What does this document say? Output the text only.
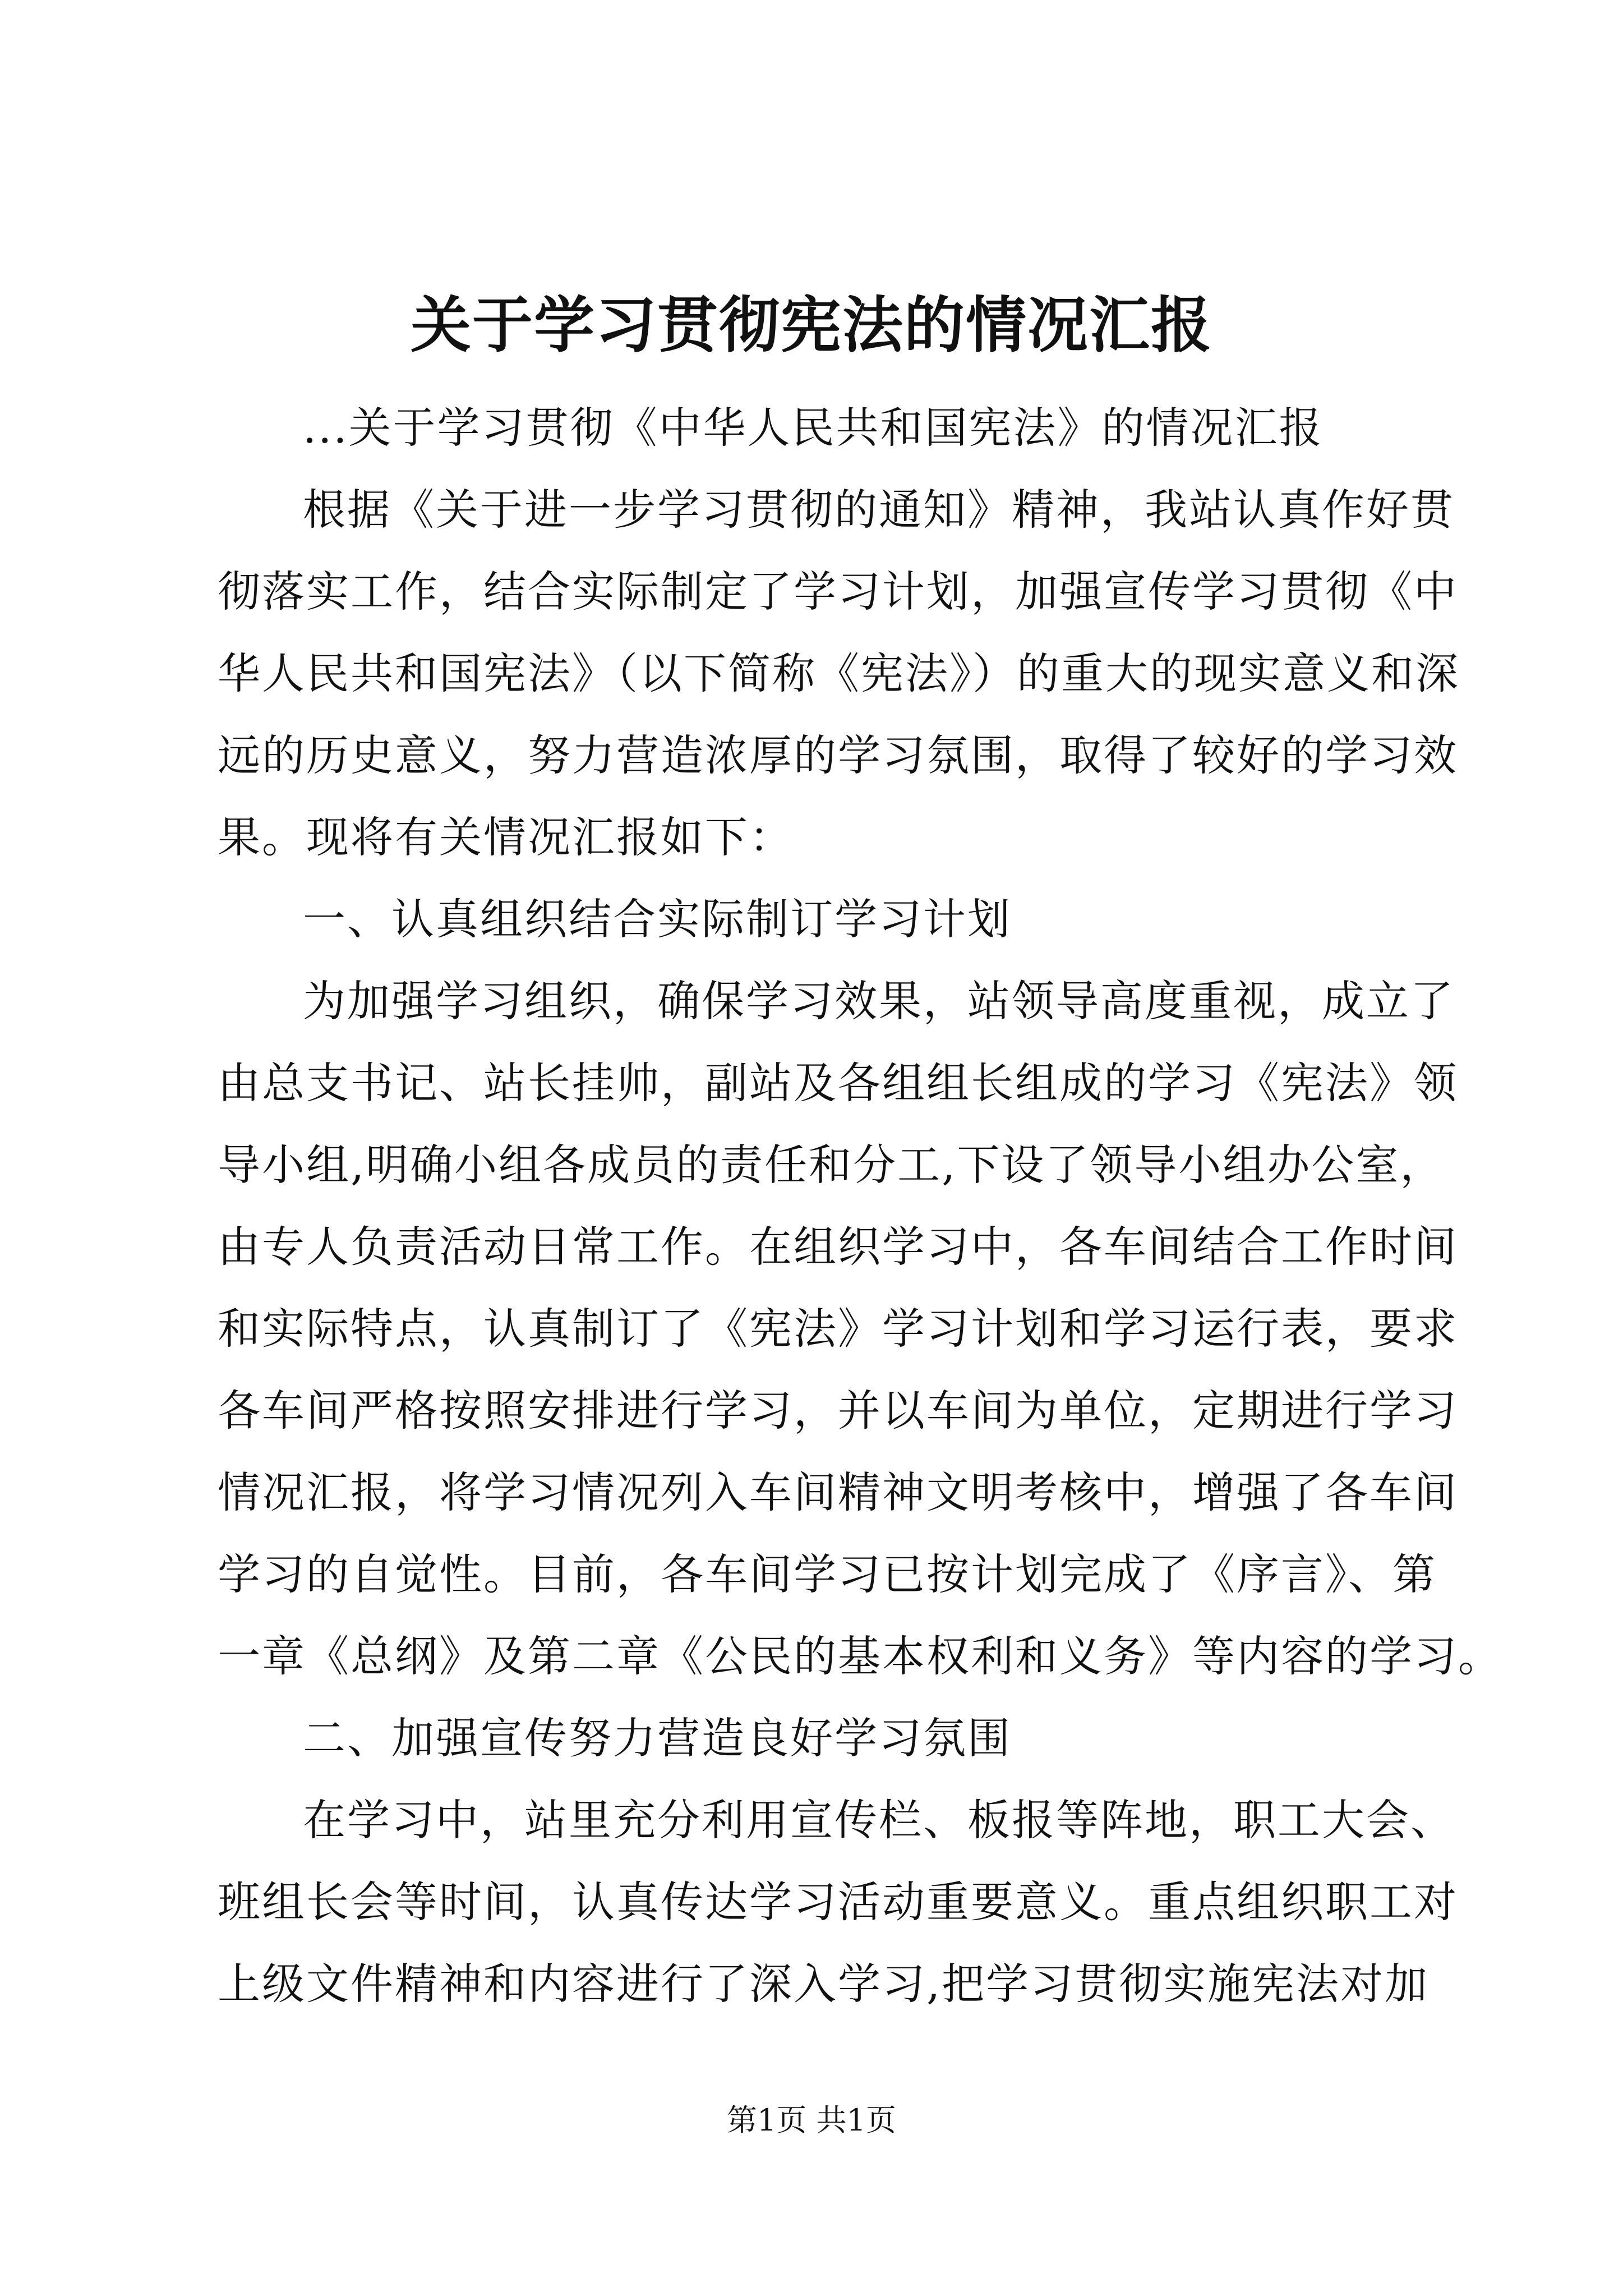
关于学习贯彻宪法的情况汇报
...关于学习贯彻《中华人民共和国宪法》的情况汇报
根据《关于进一步学习贯彻的通知》精神，我站认真作好贯
彻落实工作，结合实际制定了学习计划，加强宣传学习贯彻《中
华人民共和国宪法》（以下简称《宪法》）的重大的现实意义和深
远的历史意义，努力营造浓厚的学习氛围，取得了较好的学习效
果。现将有关情况汇报如下：
一、认真组织结合实际制订学习计划
为加强学习组织，确保学习效果，站领导高度重视，成立了
由总支书记、站长挂帅，副站及各组组长组成的学习《宪法》领
导小组,明确小组各成员的责任和分工,下设了领导小组办公室，
由专人负责活动日常工作。在组织学习中，各车间结合工作时间
和实际特点，认真制订了《宪法》学习计划和学习运行表，要求
各车间严格按照安排进行学习，并以车间为单位，定期进行学习
情况汇报，将学习情况列入车间精神文明考核中，增强了各车间
学习的自觉性。目前，各车间学习已按计划完成了《序言》、第
一章《总纲》及第二章《公民的基本权利和义务》等内容的学习。
二、加强宣传努力营造良好学习氛围
在学习中，站里充分利用宣传栏、板报等阵地，职工大会、
班组长会等时间，认真传达学习活动重要意义。重点组织职工对
上级文件精神和内容进行了深入学习,把学习贯彻实施宪法对加
第1页 共1页
